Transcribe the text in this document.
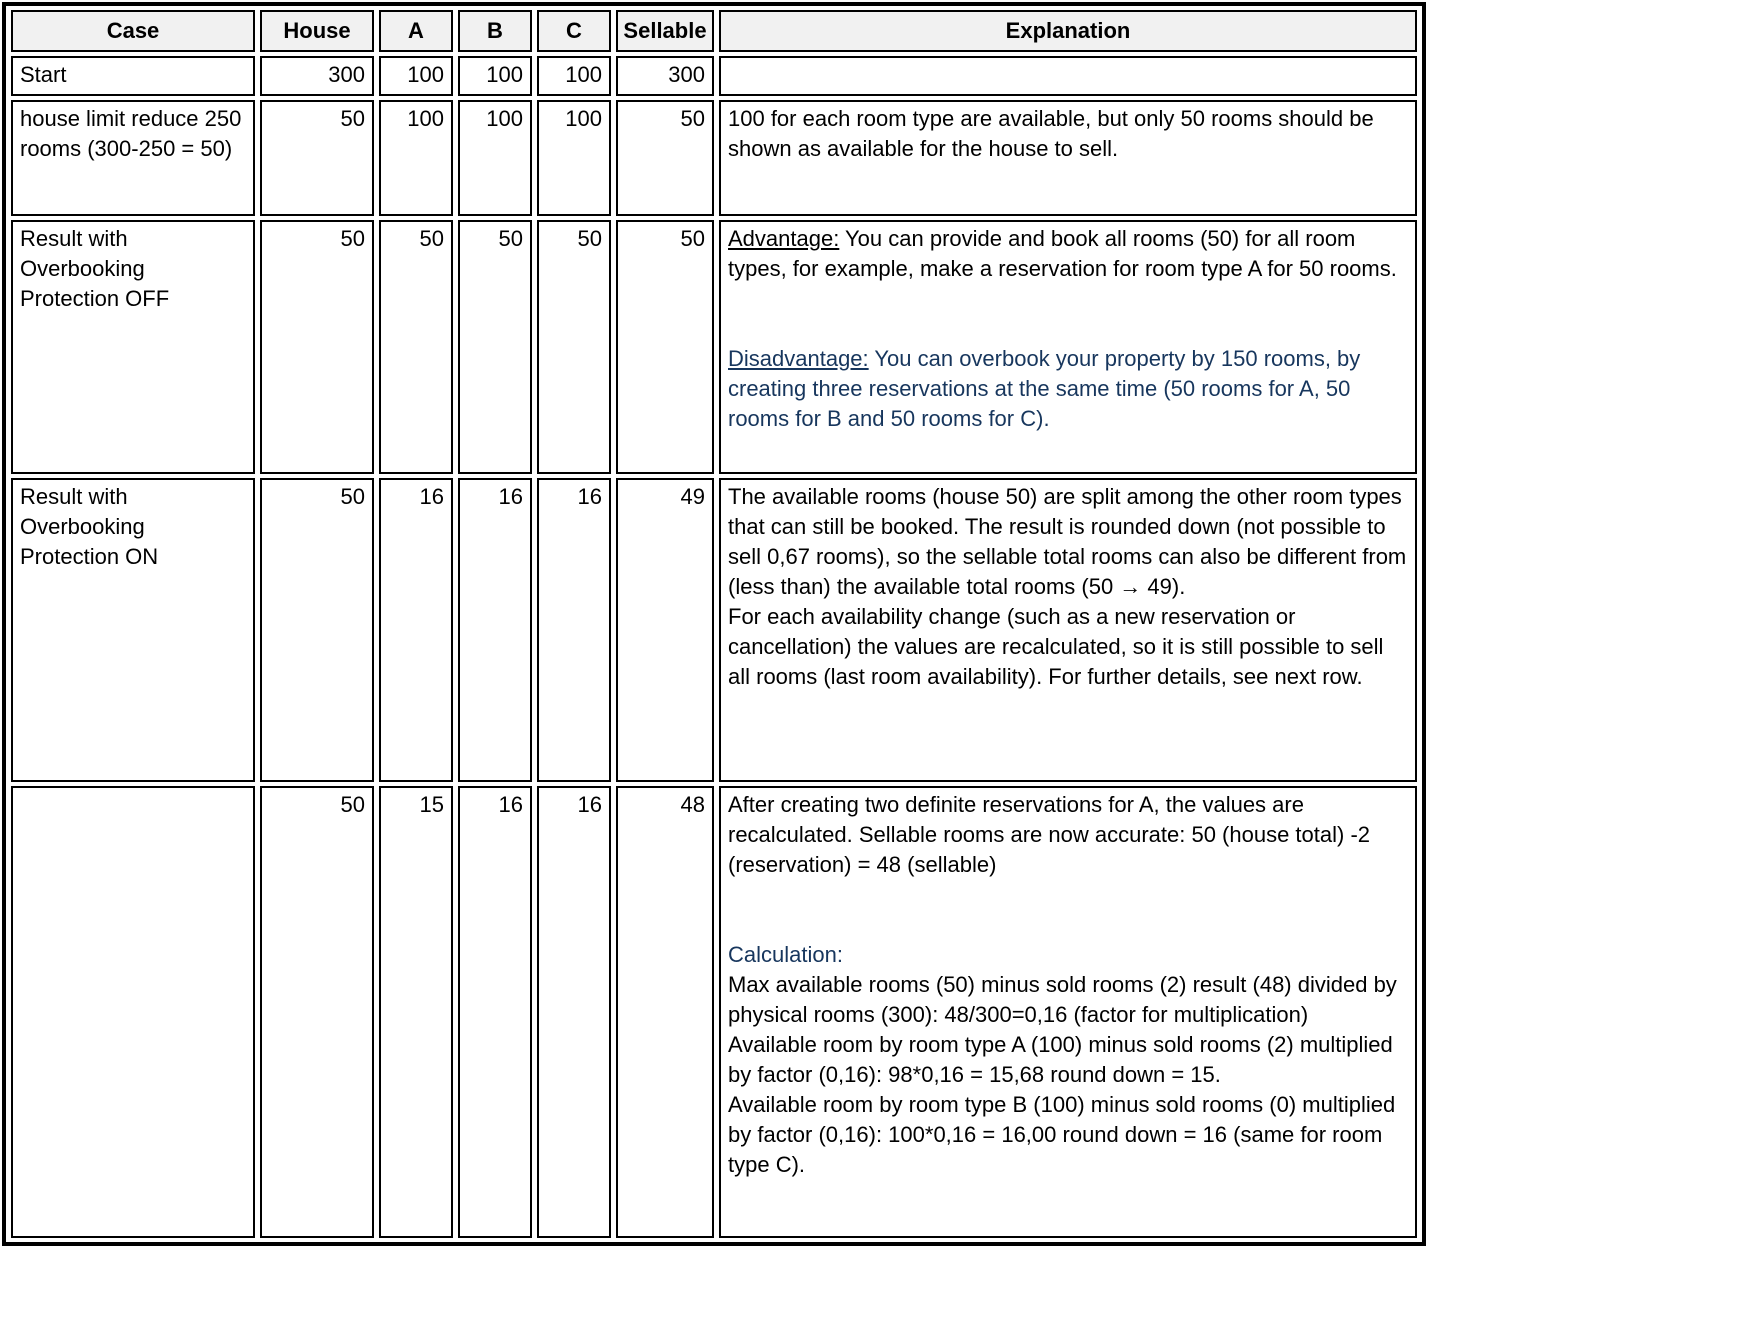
Case	House	A	B	C	Sellable	Explanation
Start	300	100	100	100	300	
house limit reduce 250 rooms (300-250 = 50)	50	100	100	100	50	100 for each room type are available, but only 50 rooms should be shown as available for the house to sell.

Result with Overbooking Protection OFF	50	50	50	50	50	Advantage: You can provide and book all rooms (50) for all room types, for example, make a reservation for room type A for 50 rooms.

Disadvantage: You can overbook your property by 150 rooms, by creating three reservations at the same time (50 rooms for A, 50 rooms for B and 50 rooms for C).

Result with Overbooking Protection ON	50	16	16	16	49	The available rooms (house 50) are split among the other room types that can still be booked. The result is rounded down (not possible to sell 0,67 rooms), so the sellable total rooms can also be different from (less than) the available total rooms (50 → 49).

For each availability change (such as a new reservation or cancellation) the values are recalculated, so it is still possible to sell all rooms (last room availability). For further details, see next row.

	50	15	16	16	48	After creating two definite reservations for A, the values are recalculated. Sellable rooms are now accurate: 50 (house total) -2 (reservation) = 48 (sellable)

Calculation:

Max available rooms (50) minus sold rooms (2) result (48) divided by physical rooms (300): 48/300=0,16 (factor for multiplication)

Available room by room type A (100) minus sold rooms (2) multiplied by factor (0,16): 98*0,16 = 15,68 round down = 15.

Available room by room type B (100) minus sold rooms (0) multiplied by factor (0,16): 100*0,16 = 16,00 round down = 16 (same for room type C).
